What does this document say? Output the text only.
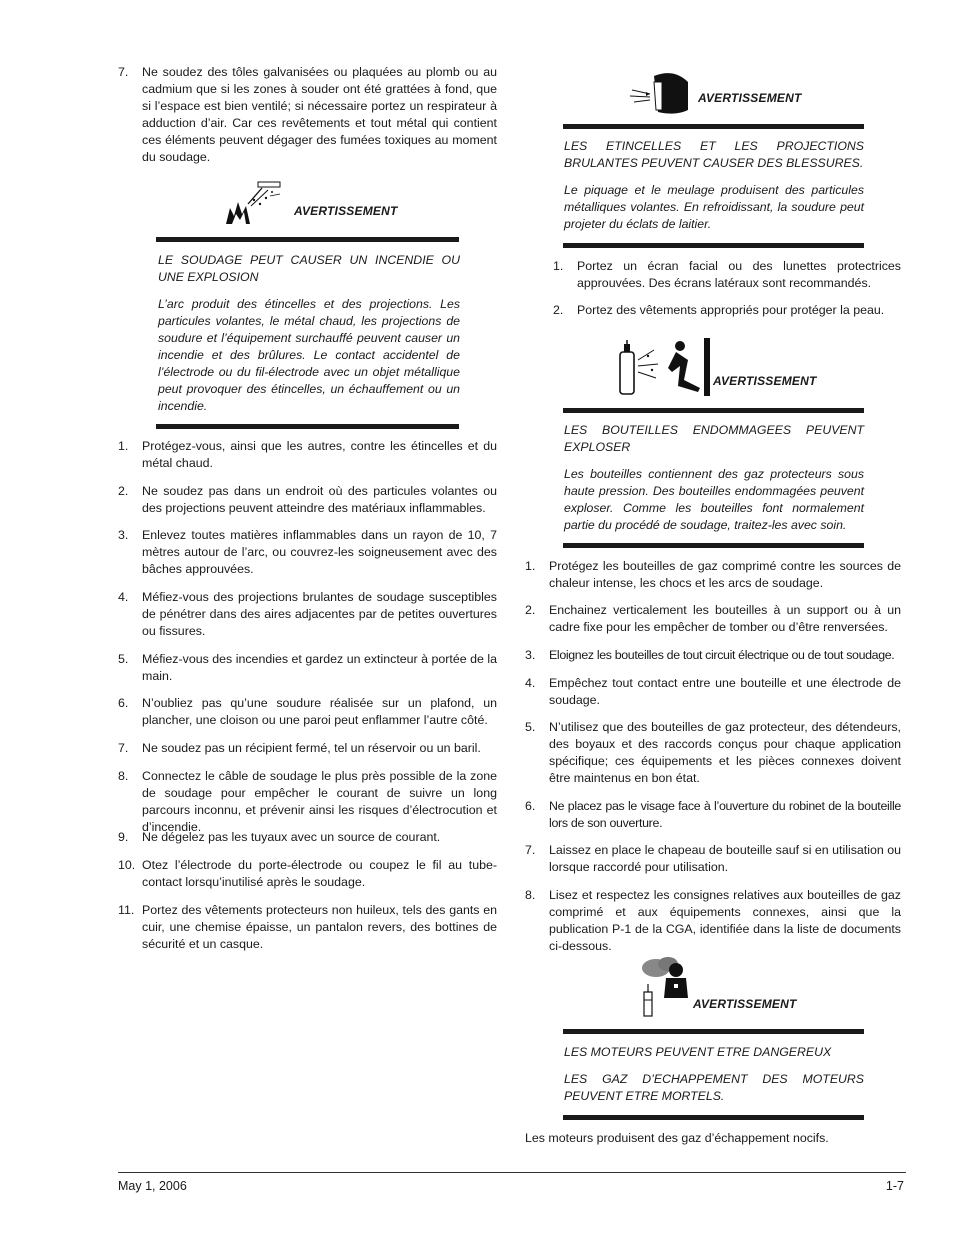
7.	Ne soudez des tôles galvanisées ou plaquées au plomb ou au cadmium que si les zones à souder ont été grattées à fond, que si l’espace est bien ventilé; si nécessaire portez un respirateur à adduction d’air. Car ces revêtements et tout métal qui contient ces éléments peuvent dégager des fumées toxiques au moment du soudage.
AVERTISSEMENT

LE SOUDAGE PEUT CAUSER UN INCENDIE OU UNE EXPLOSION

L’arc produit des étincelles et des projections. Les particules volantes, le métal chaud, les projections de soudure et l’équipement surchauffé peuvent causer un incendie et des brûlures. Le contact accidentel de l’électrode ou du fil-électrode avec un objet métallique peut provoquer des étincelles, un échauffement ou un incendie.

1.	Protégez-vous, ainsi que les autres, contre les étincelles et du métal chaud.
2.	Ne soudez pas dans un endroit où des particules volantes ou des projections peuvent atteindre des matériaux inflammables.
3.	Enlevez toutes matières inflammables dans un rayon de 10, 7 mètres autour de l’arc, ou couvrez-les soigneusement avec des bâches approuvées.
4.	Méfiez-vous des projections brulantes de soudage susceptibles de pénétrer dans des aires adjacentes par de petites ouvertures ou fissures.
5.	Méfiez-vous des incendies et gardez un extincteur à portée de la main.
6.	N’oubliez pas qu’une soudure réalisée sur un plafond, un plancher, une cloison ou une paroi peut enflammer l’autre côté.
7.	Ne soudez pas un récipient fermé, tel un réservoir ou un baril.
8.	Connectez le câble de soudage le plus près possible de la zone de soudage pour empêcher le courant de suivre un long parcours inconnu, et prévenir ainsi les risques d’électrocution et d’incendie.
9.	Ne dégelez pas les tuyaux avec un source de courant.
10. Otez l’électrode du porte-électrode ou coupez le fil au tube-contact lorsqu’inutilisé après le soudage.
11. Portez des vêtements protecteurs non huileux, tels des gants en cuir, une chemise épaisse, un pantalon revers, des bottines de sécurité et un casque.
AVERTISSEMENT

LES ETINCELLES ET LES PROJECTIONS BRULANTES PEUVENT CAUSER DES BLESSURES.

Le piquage et le meulage produisent des particules métalliques volantes. En refroidissant, la soudure peut projeter du éclats de laitier.

1.	Portez un écran facial ou des lunettes protectrices approuvées. Des écrans latéraux sont recommandés.
2.	Portez des vêtements appropriés pour protéger la peau.
AVERTISSEMENT

LES BOUTEILLES ENDOMMAGEES PEUVENT EXPLOSER

Les bouteilles contiennent des gaz protecteurs sous haute pression. Des bouteilles endommagées peuvent exploser. Comme les bouteilles font normalement partie du procédé de soudage, traitez-les avec soin.

1.	Protégez les bouteilles de gaz comprimé contre les sources de chaleur intense, les chocs et les arcs de soudage.
2.	Enchainez verticalement les bouteilles à un support ou à un cadre fixe pour les empêcher de tomber ou d’être renversées.
3.	Eloignez les bouteilles de tout circuit électrique ou de tout soudage.
4.	Empêchez tout contact entre une bouteille et une électrode de soudage.
5.	N’utilisez que des bouteilles de gaz protecteur, des détendeurs, des boyaux et des raccords conçus pour chaque application spécifique; ces équipements et les pièces connexes doivent être maintenus en bon état.
6.	Ne placez pas le visage face à l’ouverture du robinet de la bouteille lors de son ouverture.
7.	Laissez en place le chapeau de bouteille sauf si en utilisation ou lorsque raccordé pour utilisation.
8.	Lisez et respectez les consignes relatives aux bouteilles de gaz comprimé et aux équipements connexes, ainsi que la publication P-1 de la CGA, identifiée dans la liste de documents ci-dessous.
AVERTISSEMENT

LES MOTEURS PEUVENT ETRE DANGEREUX

LES GAZ D’ECHAPPEMENT DES MOTEURS PEUVENT ETRE MORTELS.

Les moteurs produisent des gaz d’échappement nocifs.
May 1, 2006	1-7
